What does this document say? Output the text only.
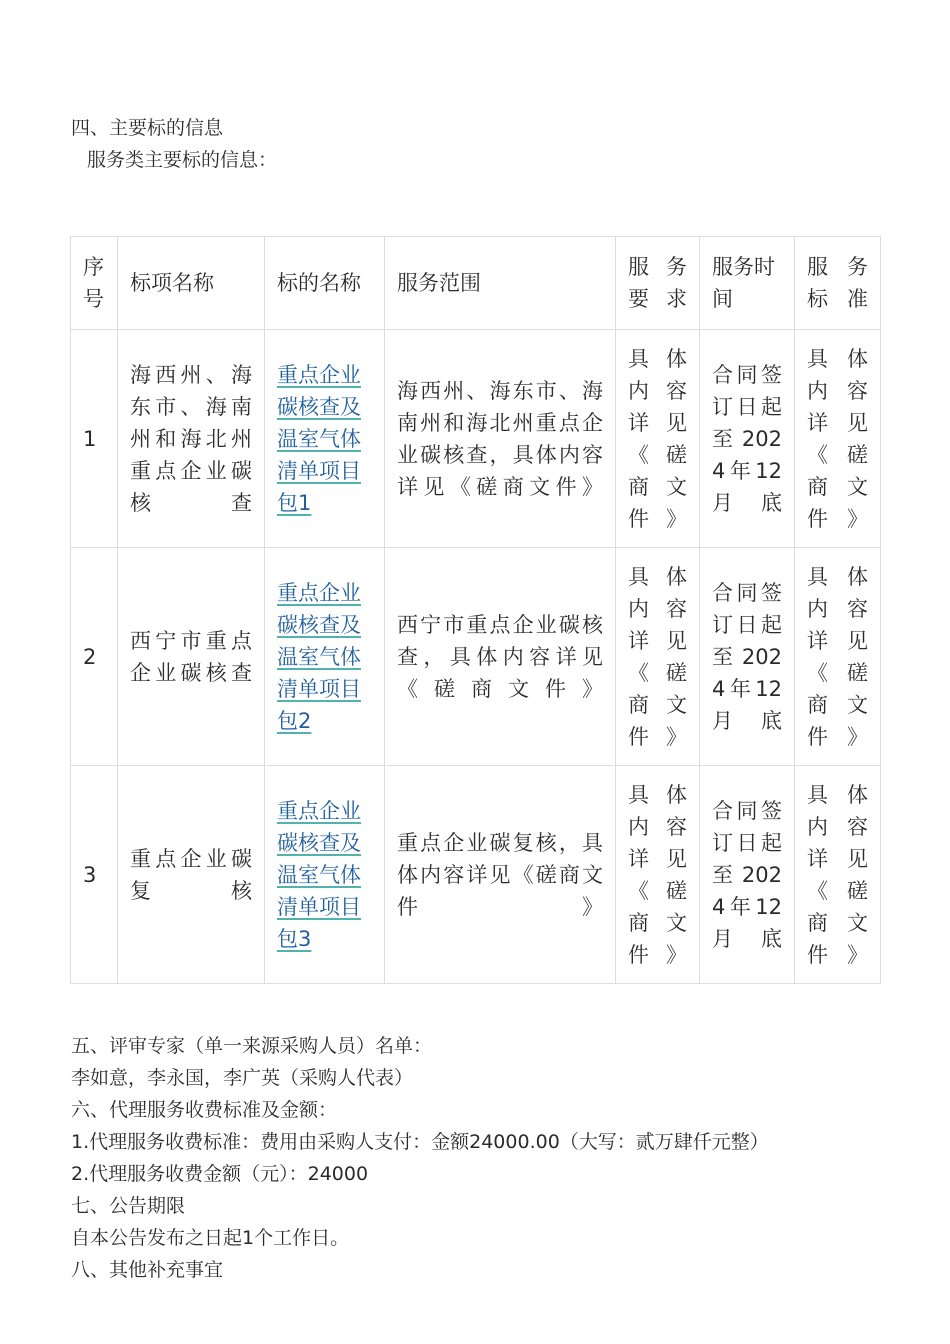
四、主要标的信息
服务类主要标的信息：
序号	标项名称	标的名称	服务范围	服务要求	服务时间	服务标准
1	海西州、海东市、海南州和海北州重点企业碳核查	重点企业碳核查及温室气体清单项目包1	海西州、海东市、海南州和海北州重点企业碳核查，具体内容详见《磋商文件》	具体内容详见《磋商文件》	合同签订日起至2024年12月底	具体内容详见《磋商文件》
2	西宁市重点企业碳核查	重点企业碳核查及温室气体清单项目包2	西宁市重点企业碳核查，具体内容详见《磋商文件》	具体内容详见《磋商文件》	合同签订日起至2024年12月底	具体内容详见《磋商文件》
3	重点企业碳复核	重点企业碳核查及温室气体清单项目包3	重点企业碳复核，具体内容详见《磋商文件》	具体内容详见《磋商文件》	合同签订日起至2024年12月底	具体内容详见《磋商文件》
五、评审专家（单一来源采购人员）名单：
李如意，李永国，李广英（采购人代表）
六、代理服务收费标准及金额：
1.代理服务收费标准：费用由采购人支付：金额24000.00（大写：贰万肆仟元整）
2.代理服务收费金额（元）：24000
七、公告期限
自本公告发布之日起1个工作日。
八、其他补充事宜
